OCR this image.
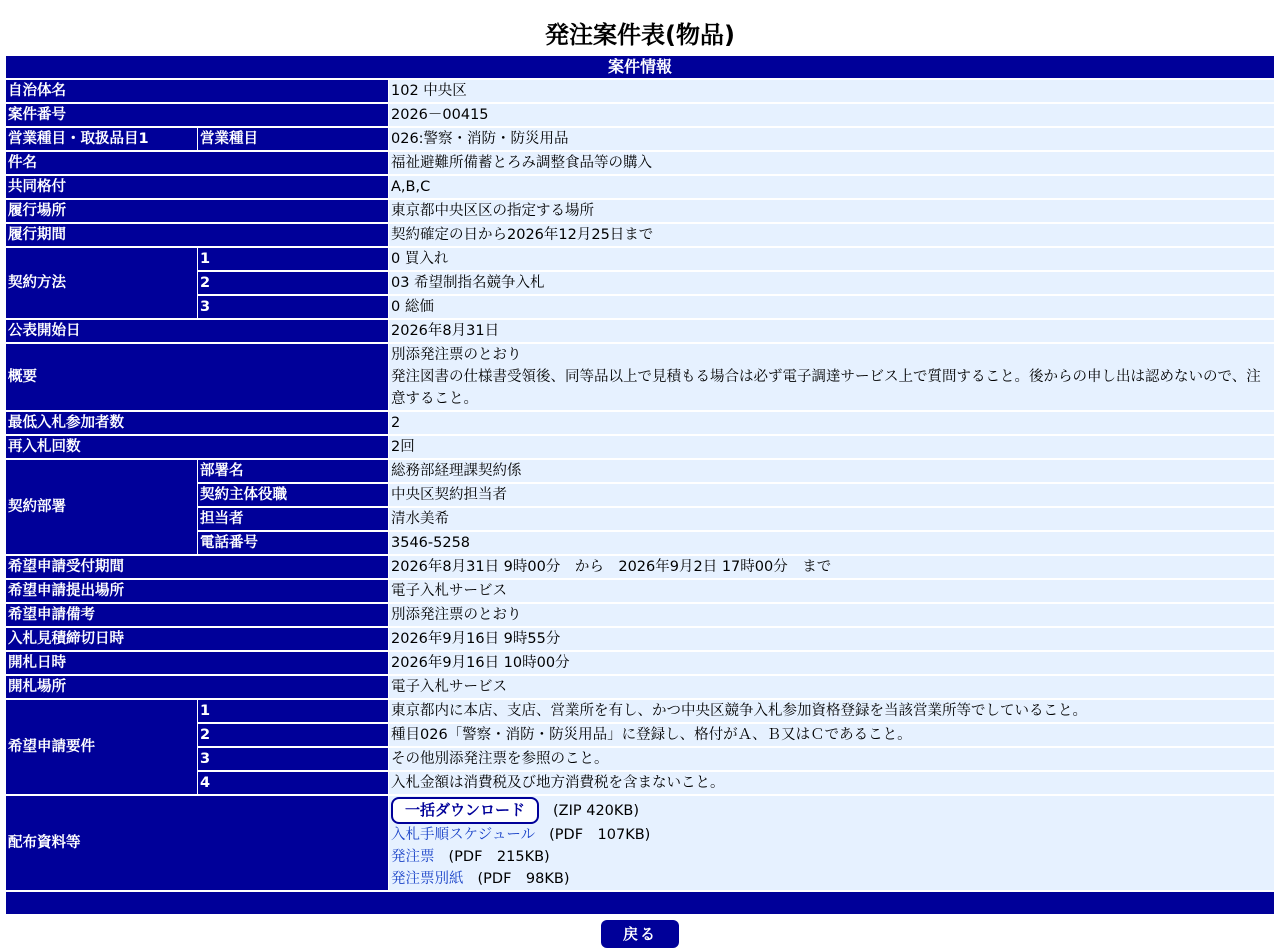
発注案件表(物品)
案件情報		
自治体名		102 中央区
案件番号		2026－00415
営業種目・取扱品目1	営業種目	026:警察・消防・防災用品
件名		福祉避難所備蓄とろみ調整食品等の購入
共同格付		A,B,C
履行場所		東京都中央区区の指定する場所
履行期間		契約確定の日から2026年12月25日まで
契約方法	1	0 買入れ
	2	03 希望制指名競争入札
	3	0 総価
公表開始日		2026年8月31日
概要		別添発注票のとおり
発注図書の仕様書受領後、同等品以上で見積もる場合は必ず電子調達サービス上で質問すること。後からの申し出は認めないので、注意すること。

最低入札参加者数		2
再入札回数		2回
契約部署	部署名	総務部経理課契約係
	契約主体役職	中央区契約担当者
	担当者	清水美希
	電話番号	3546-5258
希望申請受付期間		2026年8月31日 9時00分　から　2026年9月2日 17時00分　まで
希望申請提出場所		電子入札サービス
希望申請備考		別添発注票のとおり
入札見積締切日時		2026年9月16日 9時55分
開札日時		2026年9月16日 10時00分
開札場所		電子入札サービス
希望申請要件	1	東京都内に本店、支店、営業所を有し、かつ中央区競争入札参加資格登録を当該営業所等でしていること。
	2	種目026「警察・消防・防災用品」に登録し、格付がＡ、Ｂ又はＣであること。
	3	その他別添発注票を参照のこと。
	4	入札金額は消費税及び地方消費税を含まないこと。
配布資料等		一括ダウンロード (ZIP 420KB)
入札手順スケジュール (PDF　107KB)
発注票 (PDF　215KB)
発注票別紙 (PDF　98KB)

戻る
